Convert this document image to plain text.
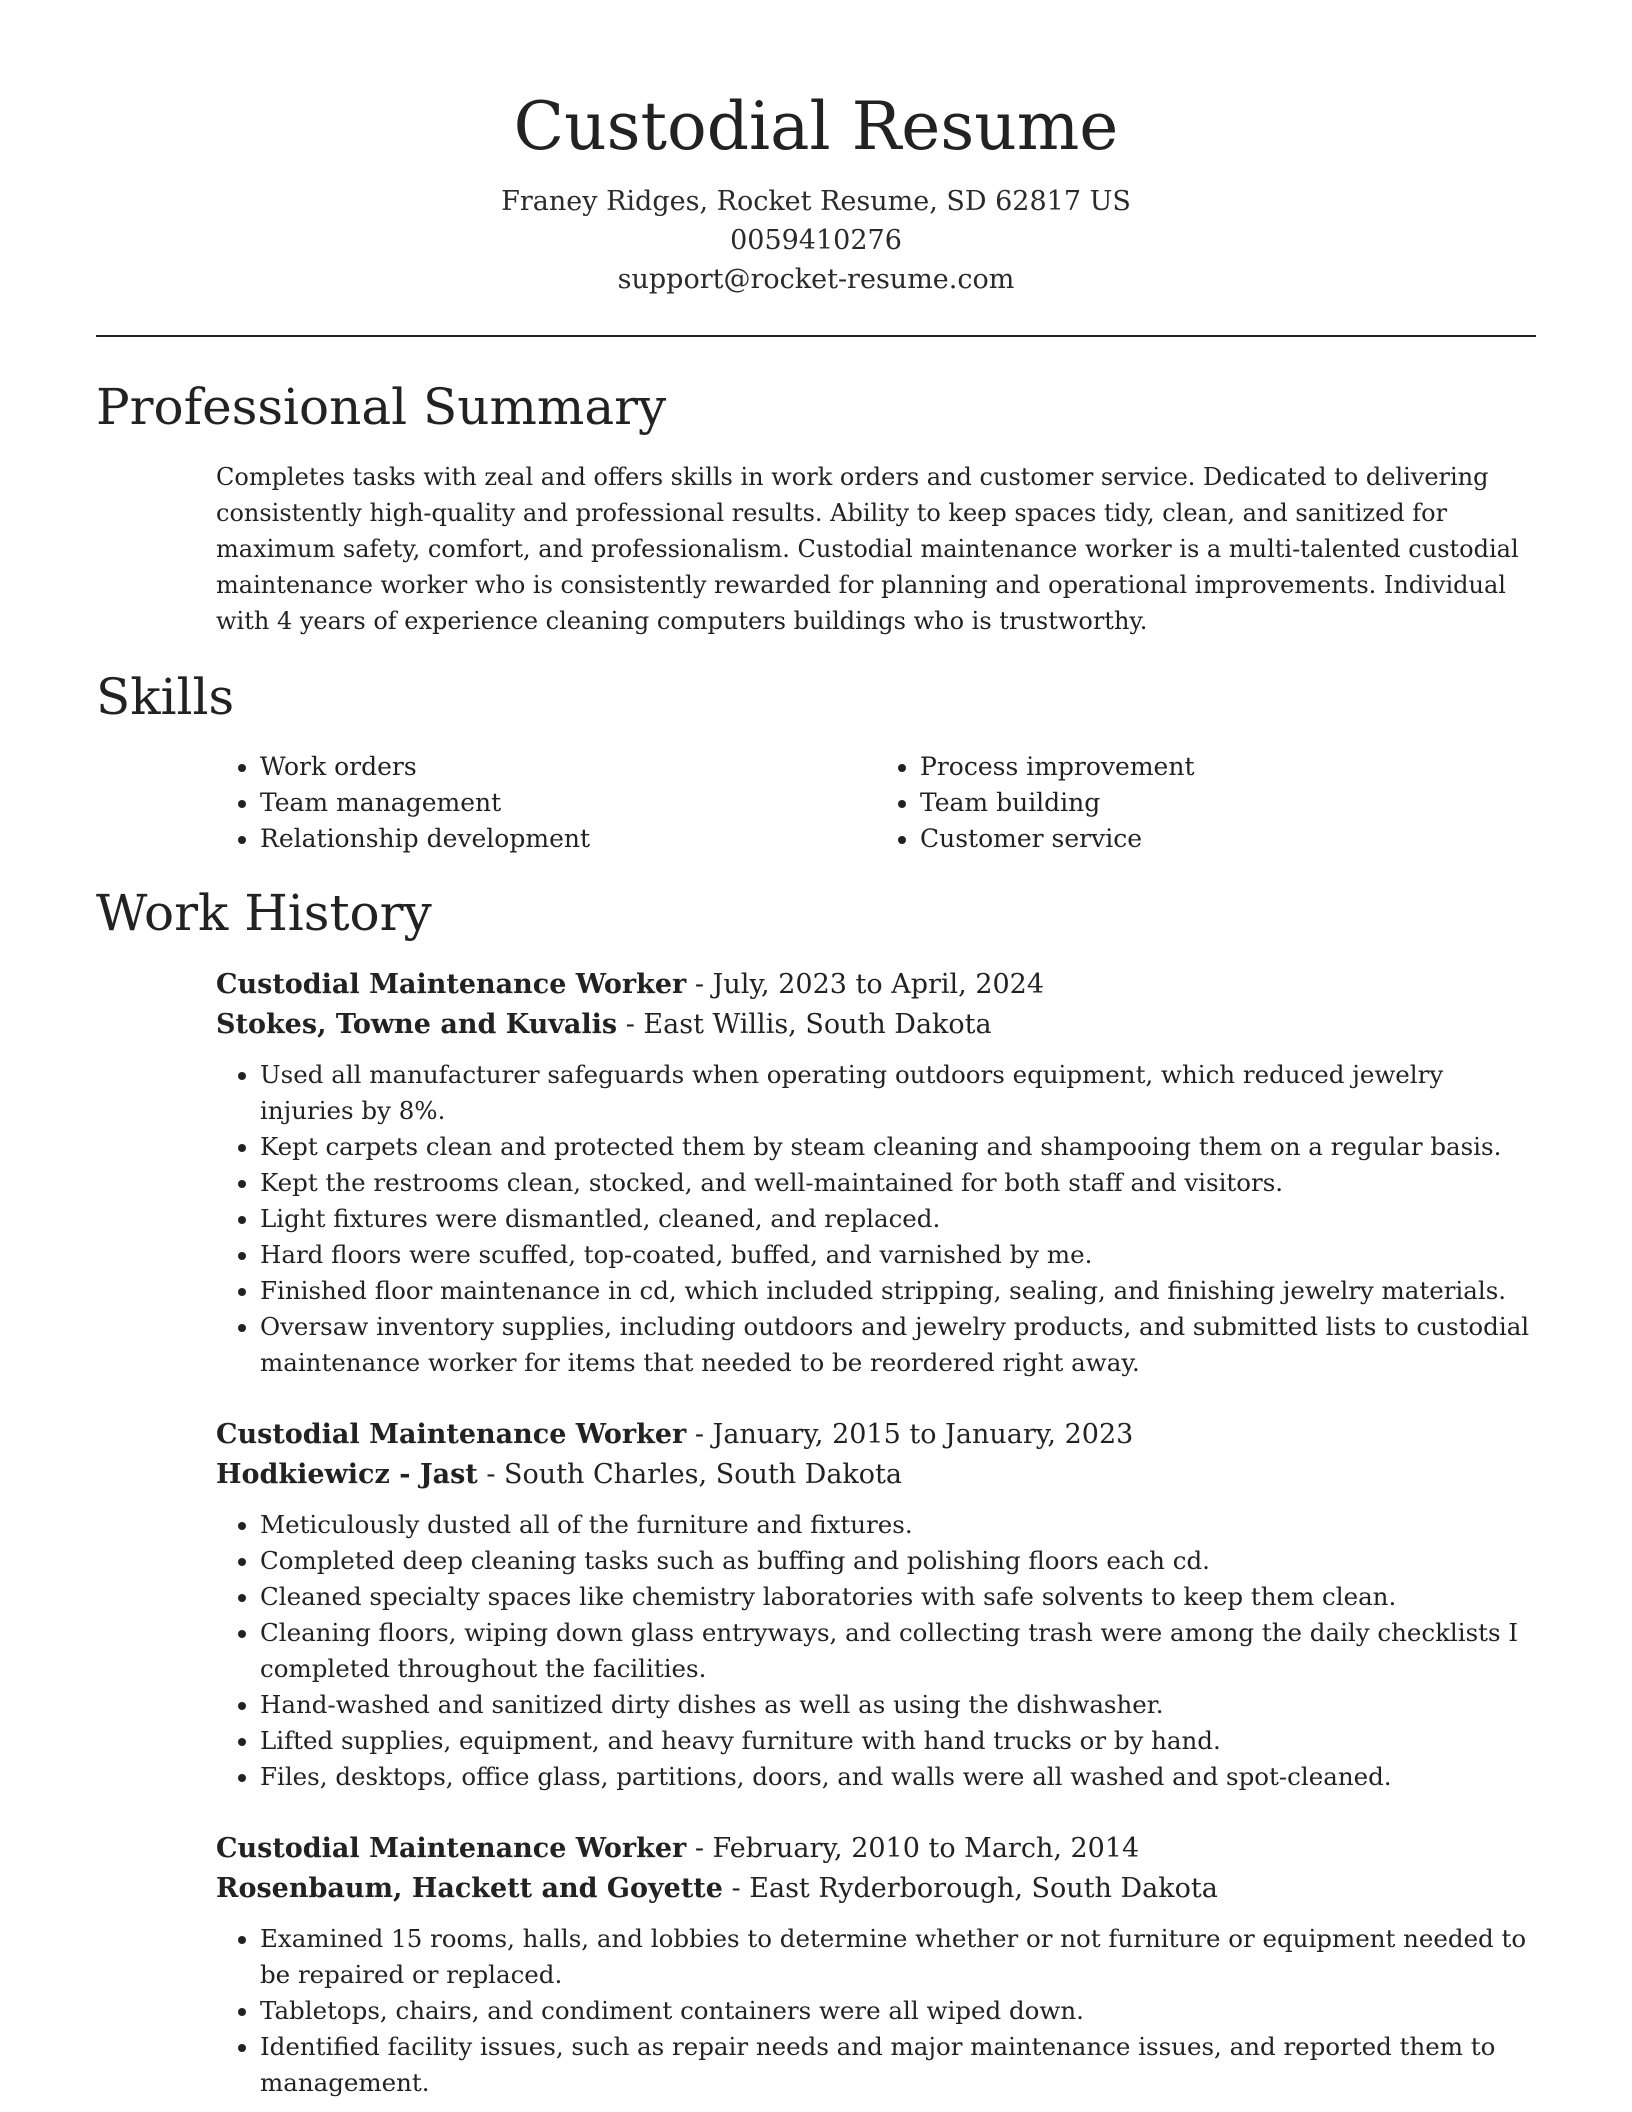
Custodial Resume
Franey Ridges, Rocket Resume, SD 62817 US
0059410276
support@rocket-resume.com
Professional Summary

Completes tasks with zeal and offers skills in work orders and customer service. Dedicated to delivering consistently high-quality and professional results. Ability to keep spaces tidy, clean, and sanitized for maximum safety, comfort, and professionalism. Custodial maintenance worker is a multi-talented custodial maintenance worker who is consistently rewarded for planning and operational improvements. Individual with 4 years of experience cleaning computers buildings who is trustworthy.

Skills
• Work orders
• Team management
• Relationship development
• Process improvement
• Team building
• Customer service
Work History
Custodial Maintenance Worker - July, 2023 to April, 2024
Stokes, Towne and Kuvalis - East Willis, South Dakota
• Used all manufacturer safeguards when operating outdoors equipment, which reduced jewelry injuries by 8%.
• Kept carpets clean and protected them by steam cleaning and shampooing them on a regular basis.
• Kept the restrooms clean, stocked, and well-maintained for both staff and visitors.
• Light fixtures were dismantled, cleaned, and replaced.
• Hard floors were scuffed, top-coated, buffed, and varnished by me.
• Finished floor maintenance in cd, which included stripping, sealing, and finishing jewelry materials.
• Oversaw inventory supplies, including outdoors and jewelry products, and submitted lists to custodial maintenance worker for items that needed to be reordered right away.
Custodial Maintenance Worker - January, 2015 to January, 2023
Hodkiewicz - Jast - South Charles, South Dakota
• Meticulously dusted all of the furniture and fixtures.
• Completed deep cleaning tasks such as buffing and polishing floors each cd.
• Cleaned specialty spaces like chemistry laboratories with safe solvents to keep them clean.
• Cleaning floors, wiping down glass entryways, and collecting trash were among the daily checklists I completed throughout the facilities.
• Hand-washed and sanitized dirty dishes as well as using the dishwasher.
• Lifted supplies, equipment, and heavy furniture with hand trucks or by hand.
• Files, desktops, office glass, partitions, doors, and walls were all washed and spot-cleaned.
Custodial Maintenance Worker - February, 2010 to March, 2014
Rosenbaum, Hackett and Goyette - East Ryderborough, South Dakota
• Examined 15 rooms, halls, and lobbies to determine whether or not furniture or equipment needed to be repaired or replaced.
• Tabletops, chairs, and condiment containers were all wiped down.
• Identified facility issues, such as repair needs and major maintenance issues, and reported them to management.
